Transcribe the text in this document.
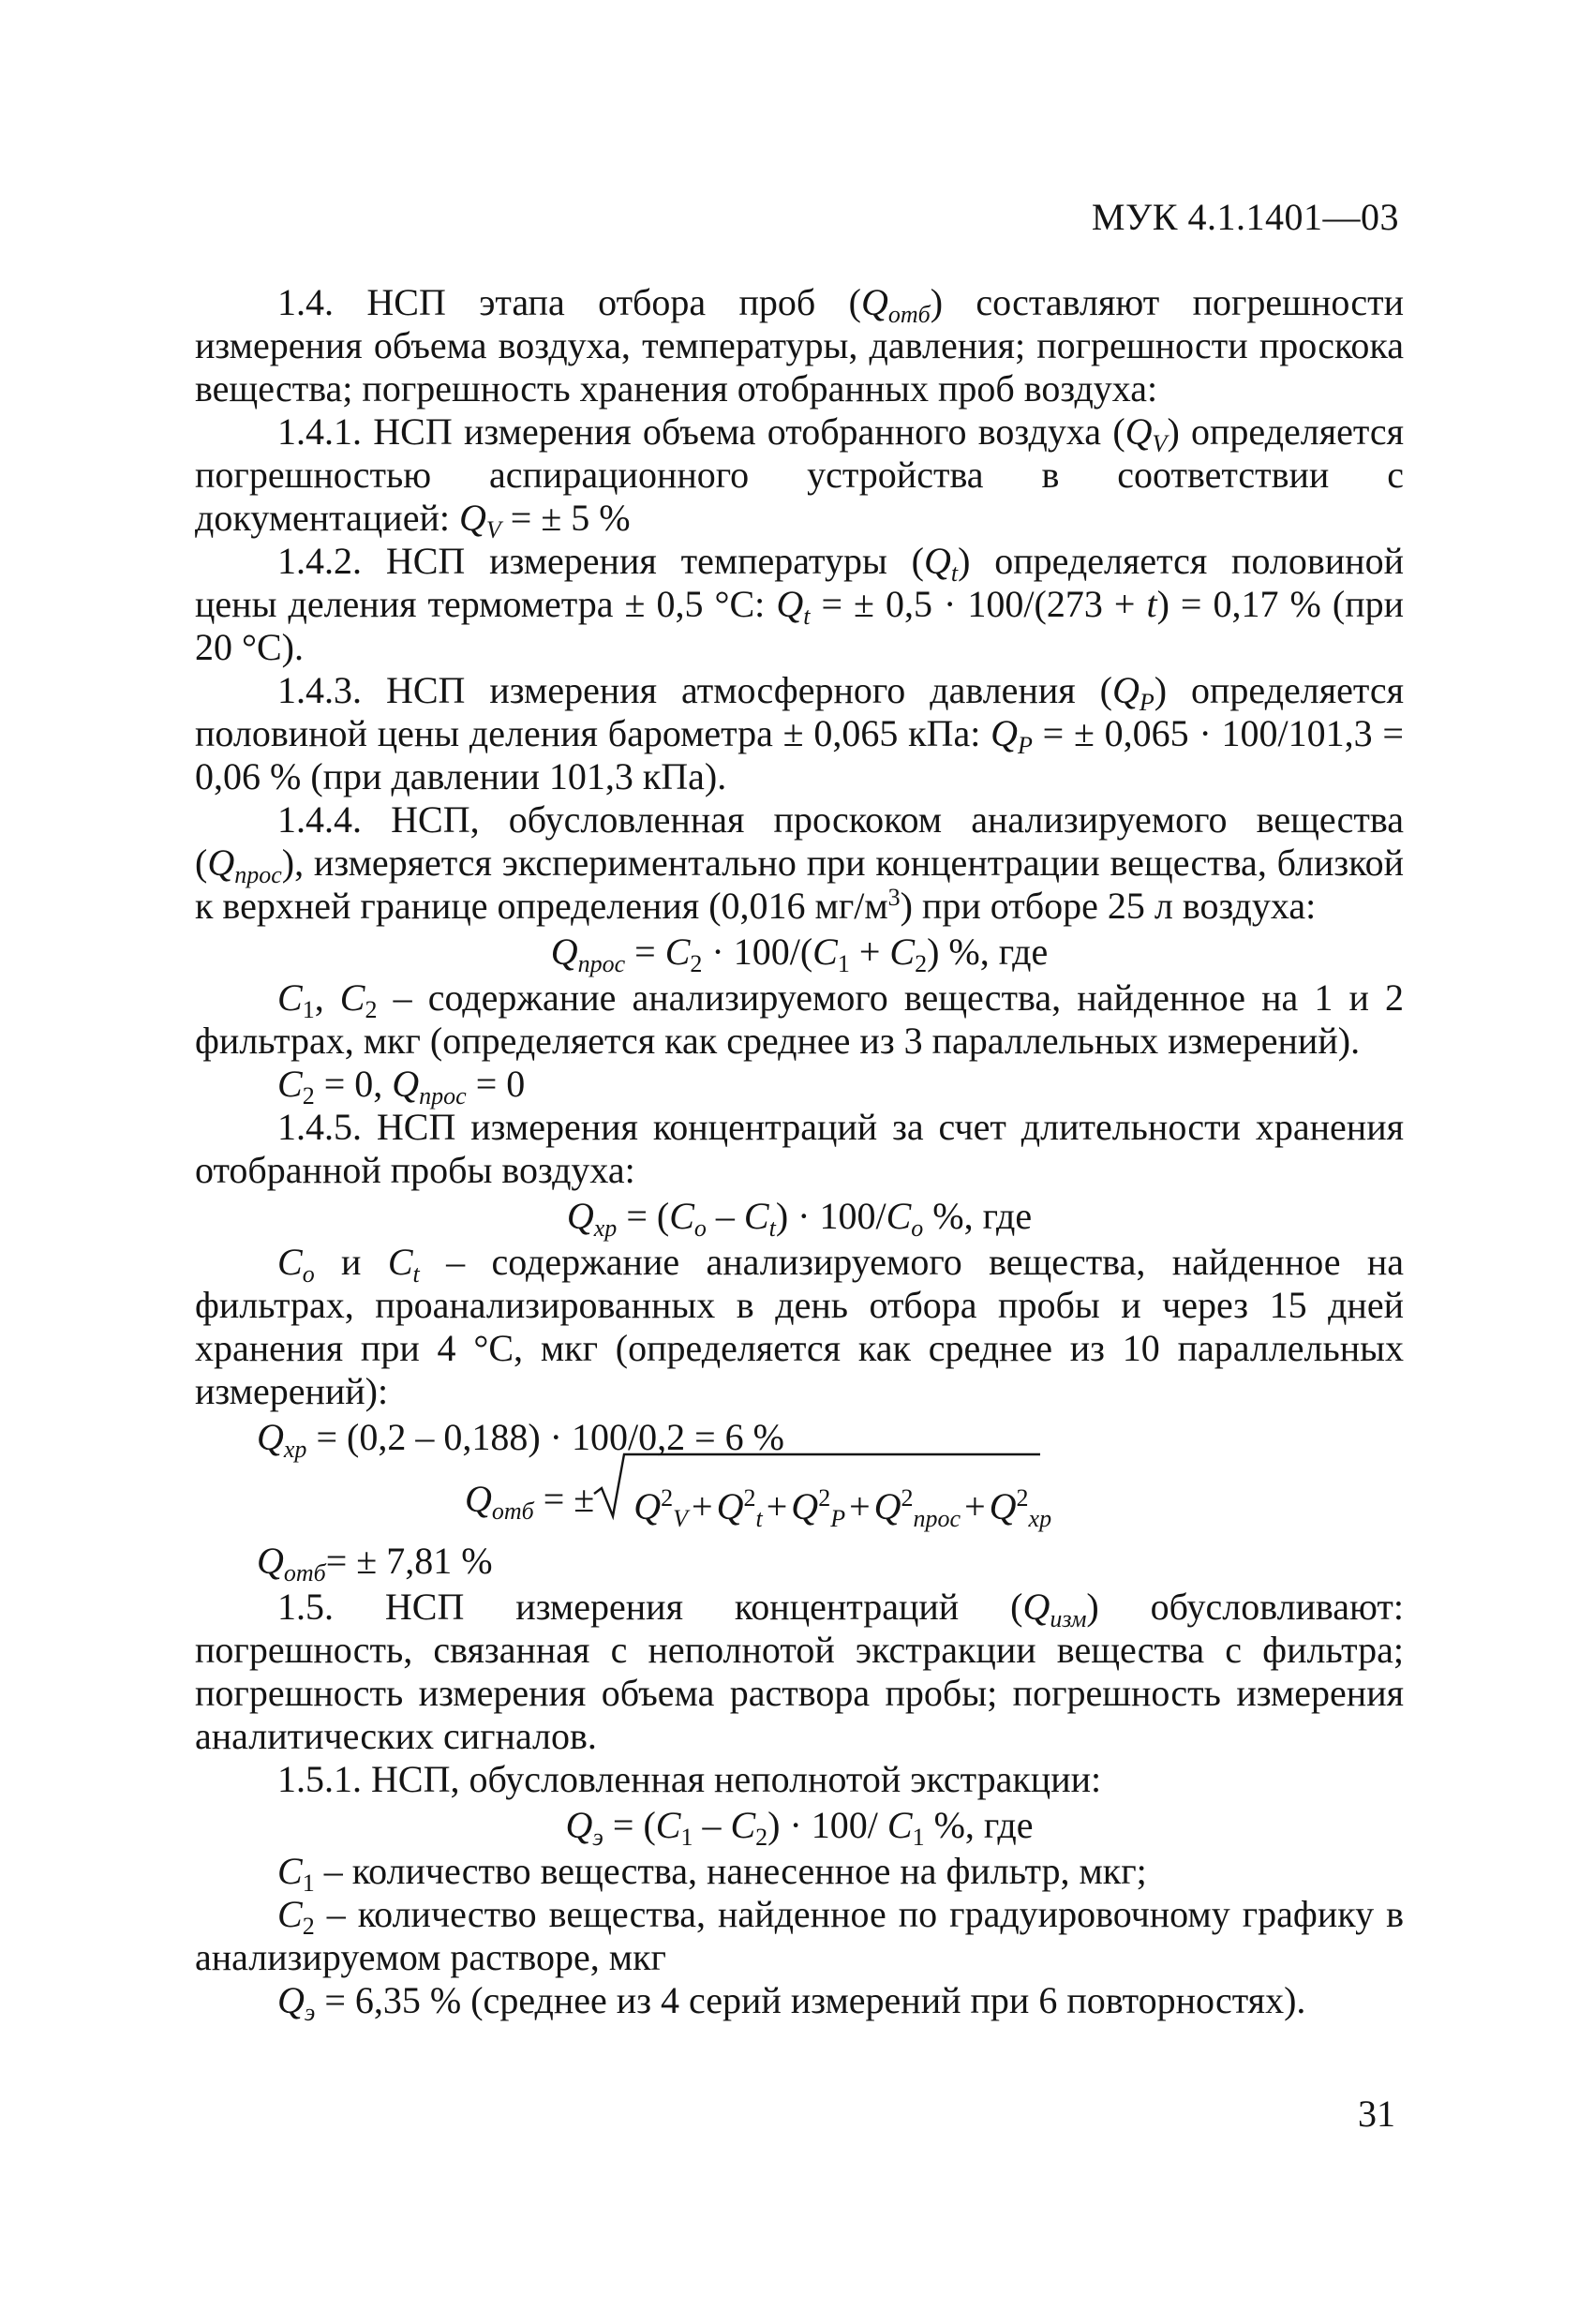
МУК 4.1.1401—03

1.4. НСП этапа отбора проб $(Q_{отб})$ составляют погрешности измерения объема воздуха, температуры, давления; погрешности проскока вещества; погрешность хранения отобранных проб воздуха:

1.4.1. НСП измерения объема отобранного воздуха $(Q_V)$ определяется погрешностью аспирационного устройства в соответствии с документацией: $Q_V$ = ± 5 %

1.4.2. НСП измерения температуры $(Q_t)$ определяется половиной цены деления термометра ± 0,5 °С: $Q_t$ = ± 0,5 · 100/(273 + t) = 0,17 % (при 20 °С).

1.4.3. НСП измерения атмосферного давления $(Q_P)$ определяется половиной цены деления барометра ± 0,065 кПа: $Q_P$ = ± 0,065 · 100/101,3 = 0,06 % (при давлении 101,3 кПа).

1.4.4. НСП, обусловленная проскоком анализируемого вещества $(Q_{прос})$, измеряется экспериментально при концентрации вещества, близкой к верхней границе определения (0,016 $мг/м^3$) при отборе 25 л воздуха:

$Q_{прос} = C_2 \cdot 100/(C_1 + C_2)$ %, где

$C_1$, $C_2$ – содержание анализируемого вещества, найденное на 1 и 2 фильтрах, мкг (определяется как среднее из 3 параллельных измерений).

$C_2 = 0$, $Q_{прос} = 0$

1.4.5. НСП измерения концентраций за счет длительности хранения отобранной пробы воздуха:

$Q_{хр} = (C_o - C_t) \cdot 100/C_o$ %, где

$C_o$ и $C_t$ – содержание анализируемого вещества, найденное на фильтрах, проанализированных в день отбора пробы и через 15 дней хранения при 4 °С, мкг (определяется как среднее из 10 параллельных измерений):

$Q_{хр} = (0,2 - 0,188) \cdot 100/0,2 = 6$ %

$Q_{отб}$ = ± $Q^2_V + Q^2_t + Q^2_P + Q^2_{прос} + Q^2_{хр}$

$Q_{отб}= \pm 7,81$ %

1.5. НСП измерения концентраций $(Q_{изм})$ обусловливают: погрешность, связанная с неполнотой экстракции вещества с фильтра; погрешность измерения объема раствора пробы; погрешность измерения аналитических сигналов.

1.5.1. НСП, обусловленная неполнотой экстракции:

$Q_э = (C_1 - C_2) \cdot 100/$ $C_1$ %, где

$C_1$ – количество вещества, нанесенное на фильтр, мкг;

$C_2$ – количество вещества, найденное по градуировочному графику в анализируемом растворе, мкг

$Q_э = 6,35$ % (среднее из 4 серий измерений при 6 повторностях).

31
